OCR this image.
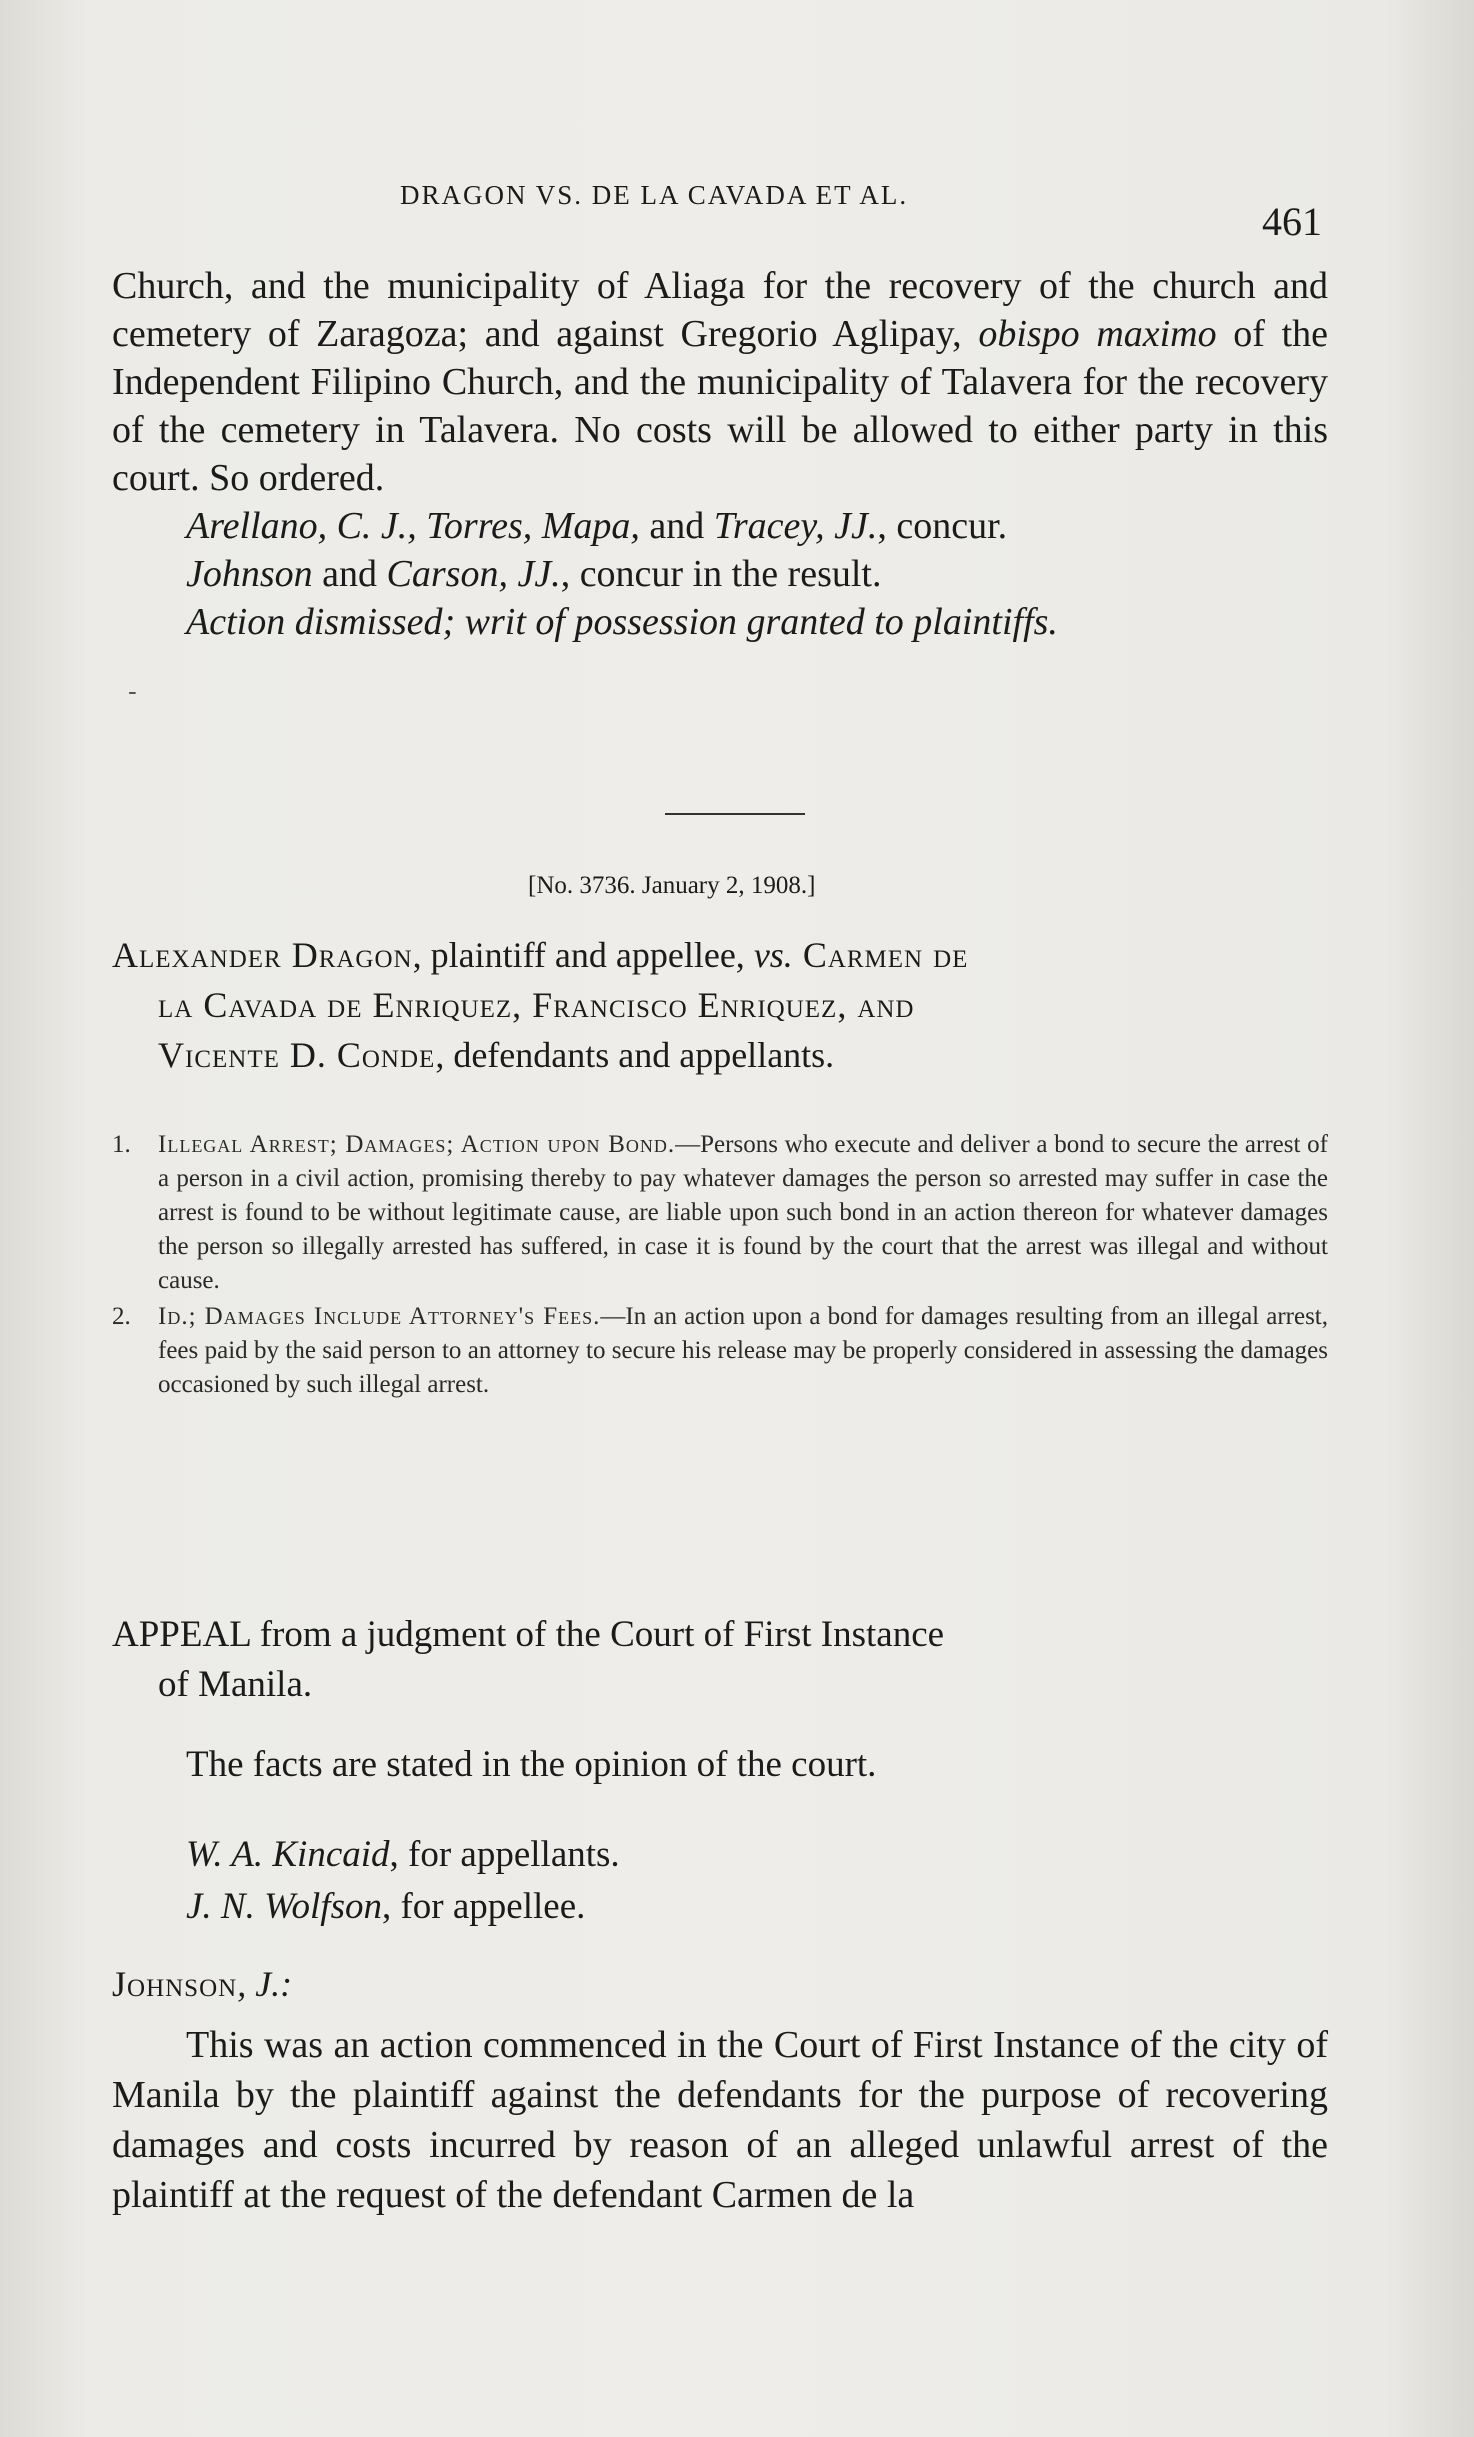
DRAGON VS. DE LA CAVADA ET AL.
461

Church, and the municipality of Aliaga for the recovery of the church and cemetery of Zaragoza; and against Gregorio Aglipay, obispo maximo of the Independent Filipino Church, and the municipality of Talavera for the recovery of the cemetery in Talavera. No costs will be allowed to either party in this court. So ordered.

Arellano, C. J., Torres, Mapa, and Tracey, JJ., concur.

Johnson and Carson, JJ., concur in the result.

Action dismissed; writ of possession granted to plaintiffs.

-
[No. 3736. January 2, 1908.]
Alexander Dragon, plaintiff and appellee, vs. Carmen de
la Cavada de Enriquez, Francisco Enriquez, and
Vicente D. Conde, defendants and appellants.
1.	Illegal Arrest; Damages; Action upon Bond.—Persons who execute and deliver a bond to secure the arrest of a person in a civil action, promising thereby to pay whatever damages the person so arrested may suffer in case the arrest is found to be without legitimate cause, are liable upon such bond in an action thereon for whatever damages the person so illegally arrested has suffered, in case it is found by the court that the arrest was illegal and without cause.
2.	Id.; Damages Include Attorney's Fees.—In an action upon a bond for damages resulting from an illegal arrest, fees paid by the said person to an attorney to secure his release may be properly considered in assessing the damages occasioned by such illegal arrest.
APPEAL from a judgment of the Court of First Instance
of Manila.
The facts are stated in the opinion of the court.
W. A. Kincaid, for appellants.
J. N. Wolfson, for appellee.
Johnson, J.:

This was an action commenced in the Court of First Instance of the city of Manila by the plaintiff against the defendants for the purpose of recovering damages and costs incurred by reason of an alleged unlawful arrest of the plaintiff at the request of the defendant Carmen de la
